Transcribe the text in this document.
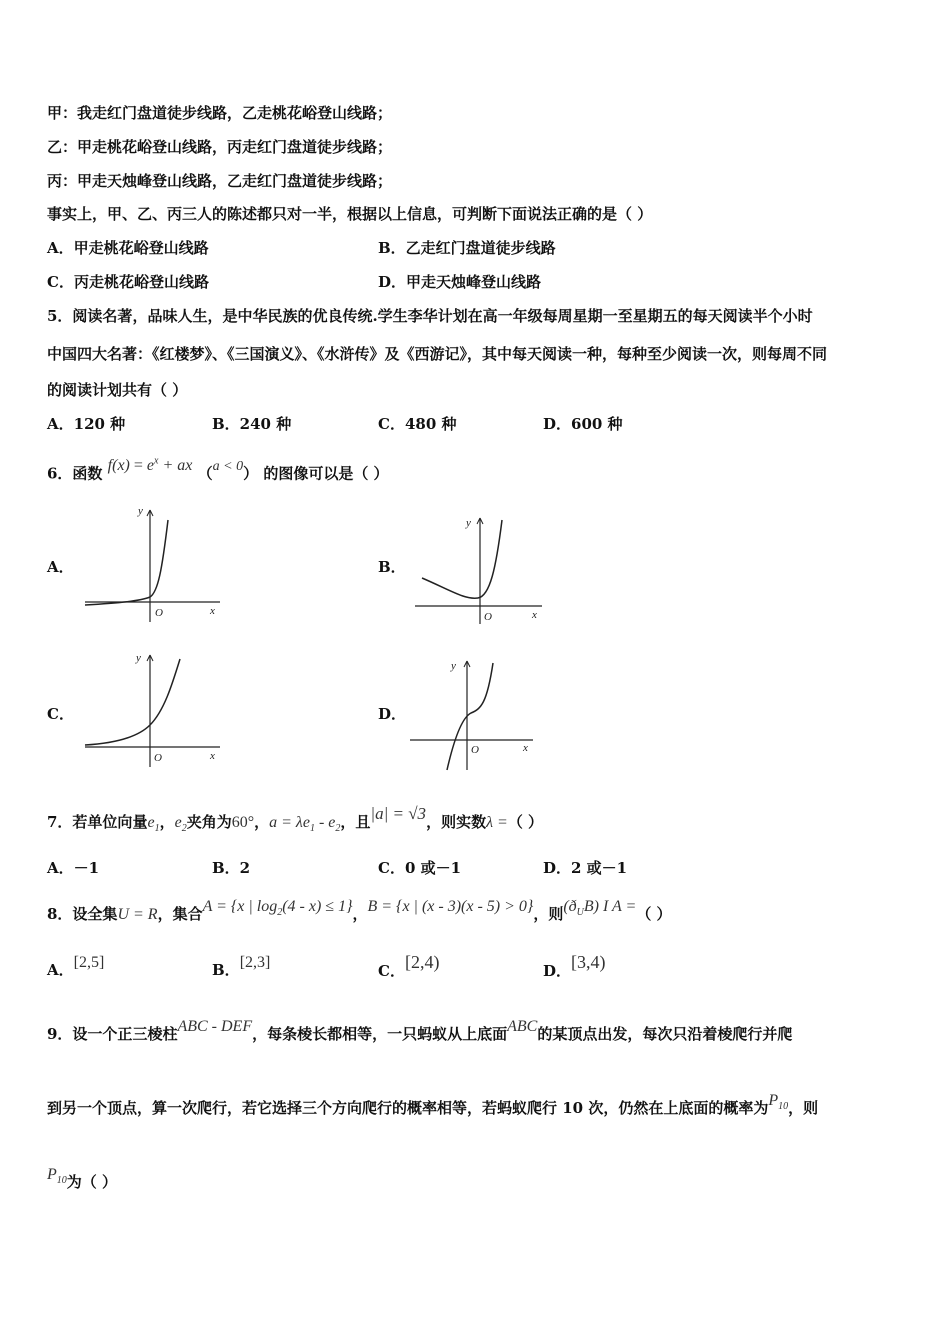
甲：我走红门盘道徒步线路，乙走桃花峪登山线路；
乙：甲走桃花峪登山线路，丙走红门盘道徒步线路；
丙：甲走天烛峰登山线路，乙走红门盘道徒步线路；
事实上，甲、乙、丙三人的陈述都只对一半，根据以上信息，可判断下面说法正确的是（ ）
A．甲走桃花峪登山线路	B．乙走红门盘道徒步线路
C．丙走桃花峪登山线路	D．甲走天烛峰登山线路
5．阅读名著，品味人生，是中华民族的优良传统.学生李华计划在高一年级每周星期一至星期五的每天阅读半个小时
中国四大名著：《红楼梦》、《三国演义》、《水浒传》及《西游记》，其中每天阅读一种，每种至少阅读一次，则每周不同
的阅读计划共有（ ）
A．120 种	B．240 种	C．480 种	D．600 种
6．函数 $f(x) = e^x$ + ax （a < 0） 的图像可以是（ ）
A．	B．
C．	D．
y
x
O
y
x
O
y
x
O
y
x
O
7．若单位向量$e_1$，$e_2$夹角为60°，$a = \lambda e_1 - e_2$，且|a| = √3，则实数λ =（ ）
A．－1	B．2	C．0 或－1	D．2 或－1
8．设全集U = R，集合A = {x | $\log_2(4 - x) \le 1$}，B = {x | (x - 3)(x - 5) > 0}，则$(ð_UB)$ I A =（ ）
A．[2,5]	B．[2,3]	C．[2,4)	D．[3,4)
9．设一个正三棱柱ABC - DEF，每条棱长都相等，一只蚂蚁从上底面ABC的某顶点出发，每次只沿着棱爬行并爬
到另一个顶点，算一次爬行，若它选择三个方向爬行的概率相等，若蚂蚁爬行 10 次，仍然在上底面的概率为$P_{10}$，则
$P_{10}$为（ ）
